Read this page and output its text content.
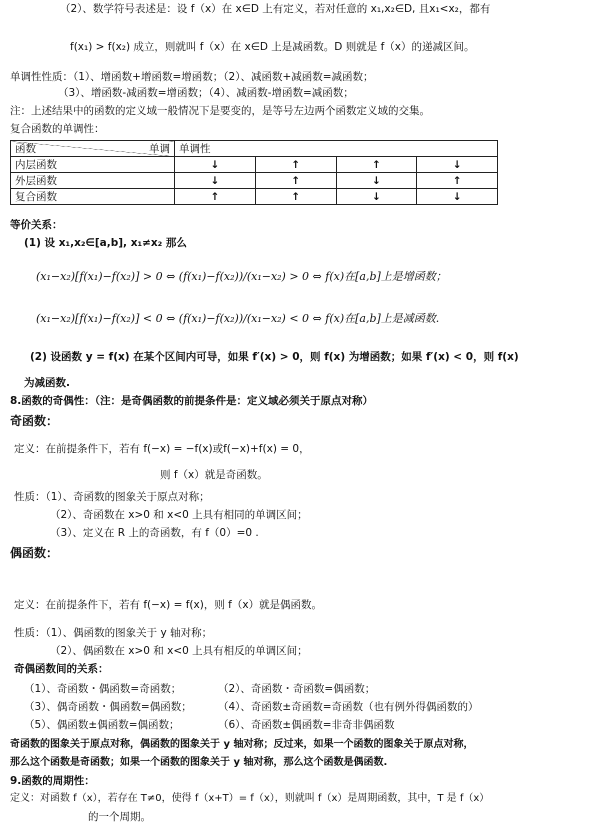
（2）、数学符号表述是：设 f（x）在 x∈D 上有定义，若对任意的 x₁,x₂∈D, 且x₁<x₂，都有
f(x₁) > f(x₂) 成立，则就叫 f（x）在 x∈D 上是减函数。D 则就是 f（x）的递减区间。
单调性性质：（1）、增函数+增函数=增函数；（2）、减函数+减函数=减函数；
（3）、增函数-减函数=增函数；（4）、减函数-增函数=减函数；
注：上述结果中的函数的定义域一般情况下是要变的，是等号左边两个函数定义域的交集。
复合函数的单调性：
函数 单调	单调性			
内层函数	↓	↑	↑	↓
外层函数	↓	↑	↓	↑
复合函数	↑	↑	↓	↓
等价关系：
(1) 设 x₁,x₂∈[a,b], x₁≠x₂ 那么
(x₁−x₂)[f(x₁)−f(x₂)] > 0 ⇔ (f(x₁)−f(x₂))/(x₁−x₂) > 0 ⇔ f(x)在[a,b]上是增函数；
(x₁−x₂)[f(x₁)−f(x₂)] < 0 ⇔ (f(x₁)−f(x₂))/(x₁−x₂) < 0 ⇔ f(x)在[a,b]上是减函数.
(2) 设函数 y = f(x) 在某个区间内可导，如果 f′(x) > 0，则 f(x) 为增函数；如果 f′(x) < 0，则 f(x)
为减函数.
8.函数的奇偶性：（注：是奇偶函数的前提条件是：定义域必须关于原点对称）
奇函数：
定义：在前提条件下，若有 f(−x) = −f(x)或f(−x)+f(x) = 0，
则 f（x）就是奇函数。
性质：（1）、奇函数的图象关于原点对称；
（2）、奇函数在 x>0 和 x<0 上具有相同的单调区间；
（3）、定义在 R 上的奇函数，有 f（0）=0 .
偶函数：
定义：在前提条件下，若有 f(−x) = f(x)，则 f（x）就是偶函数。
性质：（1）、偶函数的图象关于 y 轴对称；
（2）、偶函数在 x>0 和 x<0 上具有相反的单调区间；
奇偶函数间的关系：
（1）、奇函数・偶函数=奇函数；	（2）、奇函数・奇函数=偶函数；
（3）、偶奇函数・偶函数=偶函数；	（4）、奇函数±奇函数=奇函数（也有例外得偶函数的）
（5）、偶函数±偶函数=偶函数；	（6）、奇函数±偶函数=非奇非偶函数
奇函数的图象关于原点对称，偶函数的图象关于 y 轴对称；反过来，如果一个函数的图象关于原点对称，
那么这个函数是奇函数；如果一个函数的图象关于 y 轴对称，那么这个函数是偶函数.
9.函数的周期性：
定义：对函数 f（x），若存在 T≠0，使得 f（x+T）= f（x），则就叫 f（x）是周期函数，其中，T 是 f（x）
的一个周期。
